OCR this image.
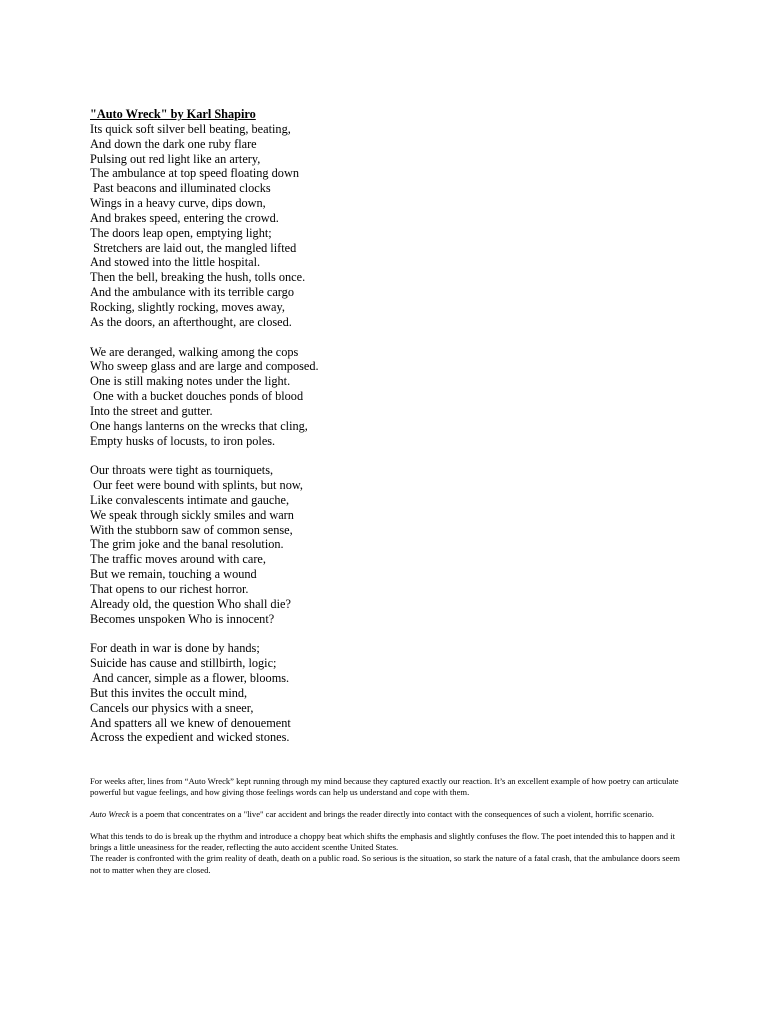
"Auto Wreck" by Karl Shapiro
Its quick soft silver bell beating, beating,
And down the dark one ruby flare
Pulsing out red light like an artery,
The ambulance at top speed floating down
Past beacons and illuminated clocks
Wings in a heavy curve, dips down,
And brakes speed, entering the crowd.
The doors leap open, emptying light;
Stretchers are laid out, the mangled lifted
And stowed into the little hospital.
Then the bell, breaking the hush, tolls once.
And the ambulance with its terrible cargo
Rocking, slightly rocking, moves away,
As the doors, an afterthought, are closed.
We are deranged, walking among the cops
Who sweep glass and are large and composed.
One is still making notes under the light.
One with a bucket douches ponds of blood
Into the street and gutter.
One hangs lanterns on the wrecks that cling,
Empty husks of locusts, to iron poles.
Our throats were tight as tourniquets,
Our feet were bound with splints, but now,
Like convalescents intimate and gauche,
We speak through sickly smiles and warn
With the stubborn saw of common sense,
The grim joke and the banal resolution.
The traffic moves around with care,
But we remain, touching a wound
That opens to our richest horror.
Already old, the question Who shall die?
Becomes unspoken Who is innocent?
For death in war is done by hands;
Suicide has cause and stillbirth, logic;
And cancer, simple as a flower, blooms.
But this invites the occult mind,
Cancels our physics with a sneer,
And spatters all we knew of denouement
Across the expedient and wicked stones.

For weeks after, lines from “Auto Wreck” kept running through my mind because they captured exactly our reaction. It’s an excellent example of how poetry can articulate powerful but vague feelings, and how giving those feelings words can help us understand and cope with them.

Auto Wreck is a poem that concentrates on a "live" car accident and brings the reader directly into contact with the consequences of such a violent, horrific scenario.

What this tends to do is break up the rhythm and introduce a choppy beat which shifts the emphasis and slightly confuses the flow. The poet intended this to happen and it brings a little uneasiness for the reader, reflecting the auto accident scenthe United States.

The reader is confronted with the grim reality of death, death on a public road. So serious is the situation, so stark the nature of a fatal crash, that the ambulance doors seem not to matter when they are closed.
